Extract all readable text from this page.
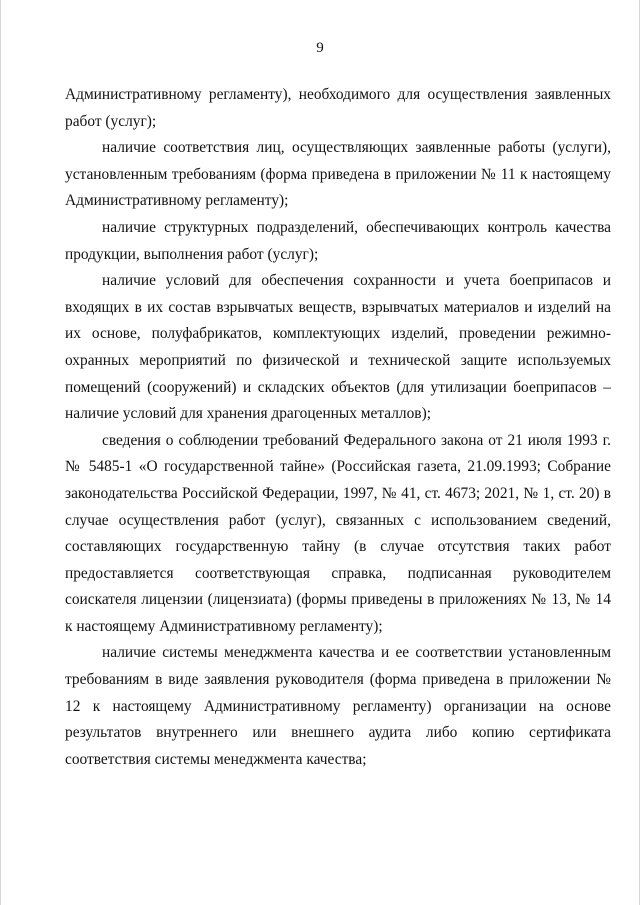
9

Административному регламенту), необходимого для осуществления заявленных работ (услуг);

наличие соответствия лиц, осуществляющих заявленные работы (услуги), установленным требованиям (форма приведена в приложении № 11 к настоящему Административному регламенту);

наличие структурных подразделений, обеспечивающих контроль качества продукции, выполнения работ (услуг);

наличие условий для обеспечения сохранности и учета боеприпасов и входящих в их состав взрывчатых веществ, взрывчатых материалов и изделий на их основе, полуфабрикатов, комплектующих изделий, проведении режимно-охранных мероприятий по физической и технической защите используемых помещений (сооружений) и складских объектов (для утилизации боеприпасов – наличие условий для хранения драгоценных металлов);

сведения о соблюдении требований Федерального закона от 21 июля 1993 г. № 5485-1 «О государственной тайне» (Российская газета, 21.09.1993; Собрание законодательства Российской Федерации, 1997, № 41, ст. 4673; 2021, № 1, ст. 20) в случае осуществления работ (услуг), связанных с использованием сведений, составляющих государственную тайну (в случае отсутствия таких работ предоставляется соответствующая справка, подписанная руководителем соискателя лицензии (лицензиата) (формы приведены в приложениях № 13, № 14 к настоящему Административному регламенту);

наличие системы менеджмента качества и ее соответствии установленным требованиям в виде заявления руководителя (форма приведена в приложении № 12 к настоящему Административному регламенту) организации на основе результатов внутреннего или внешнего аудита либо копию сертификата соответствия системы менеджмента качества;
